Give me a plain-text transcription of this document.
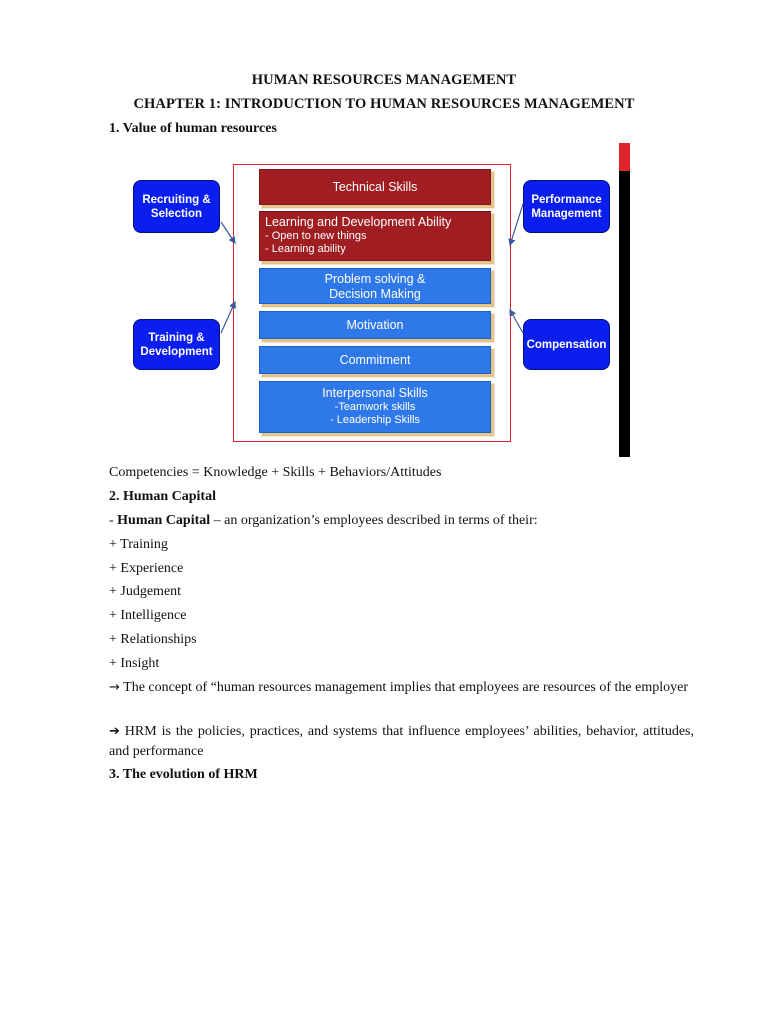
HUMAN RESOURCES MANAGEMENT
CHAPTER 1: INTRODUCTION TO HUMAN RESOURCES MANAGEMENT
1. Value of human resources
Technical Skills
Learning and Development Ability
- Open to new things
- Learning ability
Problem solving &
Decision Making
Motivation
Commitment
Interpersonal Skills
-Teamwork skills
- Leadership Skills
Recruiting & Selection
Training & Development
Performance Management
Compensation
Competencies = Knowledge + Skills + Behaviors/Attitudes
2. Human Capital
- Human Capital – an organization’s employees described in terms of their:
+ Training
+ Experience
+ Judgement
+ Intelligence
+ Relationships
+ Insight
→ The concept of “human resources management implies that employees are resources of the employer
➔ HRM is the policies, practices, and systems that influence employees’ abilities, behavior, attitudes, and performance
3. The evolution of HRM
